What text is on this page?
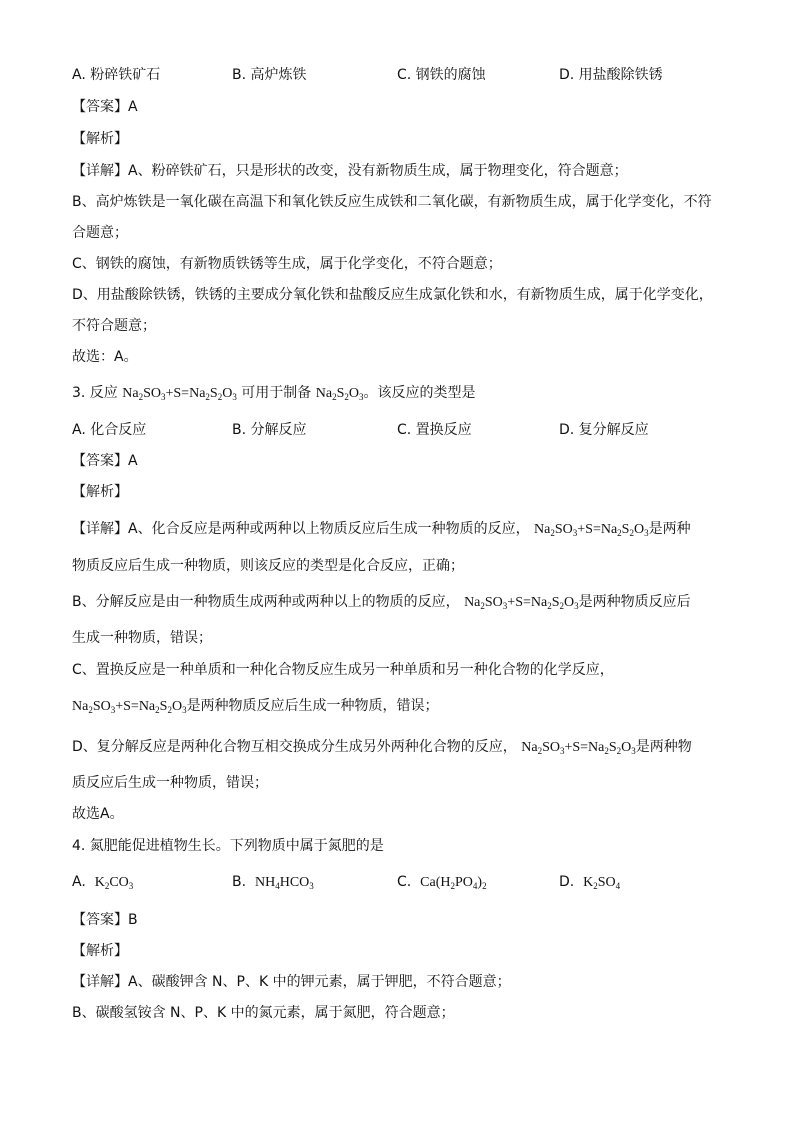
A. 粉碎铁矿石	B. 高炉炼铁	C. 钢铁的腐蚀	D. 用盐酸除铁锈
【答案】A
【解析】
【详解】A、粉碎铁矿石，只是形状的改变，没有新物质生成，属于物理变化，符合题意；
B、高炉炼铁是一氧化碳在高温下和氧化铁反应生成铁和二氧化碳，有新物质生成，属于化学变化，不符
合题意；
C、钢铁的腐蚀，有新物质铁锈等生成，属于化学变化，不符合题意；
D、用盐酸除铁锈，铁锈的主要成分氧化铁和盐酸反应生成氯化铁和水，有新物质生成，属于化学变化，
不符合题意；
故选：A。
3. 反应 $Na_2SO_3+S=Na_2S_2O_3$ 可用于制备 $Na_2S_2O_3$。该反应的类型是
A. 化合反应	B. 分解反应	C. 置换反应	D. 复分解反应
【答案】A
【解析】
【详解】A、化合反应是两种或两种以上物质反应后生成一种物质的反应， $Na_2SO_3+S=Na_2S_2O_3$是两种
物质反应后生成一种物质，则该反应的类型是化合反应，正确；
B、分解反应是由一种物质生成两种或两种以上的物质的反应， $Na_2SO_3+S=Na_2S_2O_3$是两种物质反应后
生成一种物质，错误；
C、置换反应是一种单质和一种化合物反应生成另一种单质和另一种化合物的化学反应，
$Na_2SO_3+S=Na_2S_2O_3$是两种物质反应后生成一种物质，错误；
D、复分解反应是两种化合物互相交换成分生成另外两种化合物的反应， $Na_2SO_3+S=Na_2S_2O_3$是两种物
质反应后生成一种物质，错误；
故选A。
4. 氮肥能促进植物生长。下列物质中属于氮肥的是
A. $K_2CO_3$	B. $NH_4HCO_3$	C. $Ca(H_2PO_4)_2$	D. $K_2SO_4$
【答案】B
【解析】
【详解】A、碳酸钾含 N、P、K 中的钾元素，属于钾肥，不符合题意；
B、碳酸氢铵含 N、P、K 中的氮元素，属于氮肥，符合题意；
